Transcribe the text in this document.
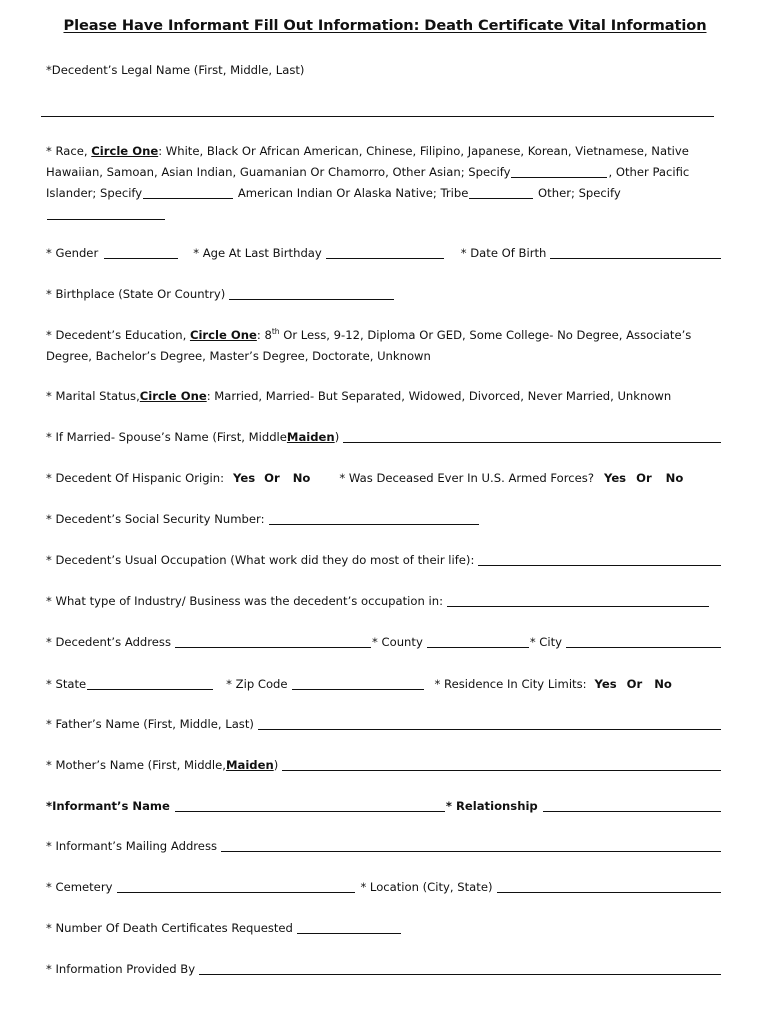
Please Have Informant Fill Out Information: Death Certificate Vital Information
*Decedent’s Legal Name (First, Middle, Last)
* Race, Circle One: White, Black Or African American, Chinese, Filipino, Japanese, Korean, Vietnamese, Native Hawaiian, Samoan, Asian Indian, Guamanian Or Chamorro, Other Asian; Specify	, Other Pacific Islander; Specify	American Indian Or Alaska Native; Tribe	Other; Specify
* Gender	* Age At Last Birthday	* Date Of Birth
* Birthplace (State Or Country)
* Decedent’s Education, Circle One: 8th Or Less, 9-12, Diploma Or GED, Some College- No Degree, Associate’s Degree, Bachelor’s Degree, Master’s Degree, Doctorate, Unknown
* Marital Status, Circle One : Married, Married- But Separated, Widowed, Divorced, Never Married, Unknown
* If Married- Spouse’s Name (First, Middle Maiden )
* Decedent Of Hispanic Origin: Yes Or No	* Was Deceased Ever In U.S. Armed Forces? Yes Or No
* Decedent’s Social Security Number:
* Decedent’s Usual Occupation (What work did they do most of their life):
* What type of Industry/ Business was the decedent’s occupation in:
* Decedent’s Address	* County	* City
* State	* Zip Code	* Residence In City Limits: Yes Or No
* Father’s Name (First, Middle, Last)
* Mother’s Name (First, Middle, Maiden )
*Informant’s Name	* Relationship
* Informant’s Mailing Address
* Cemetery	* Location (City, State)
* Number Of Death Certificates Requested
* Information Provided By
